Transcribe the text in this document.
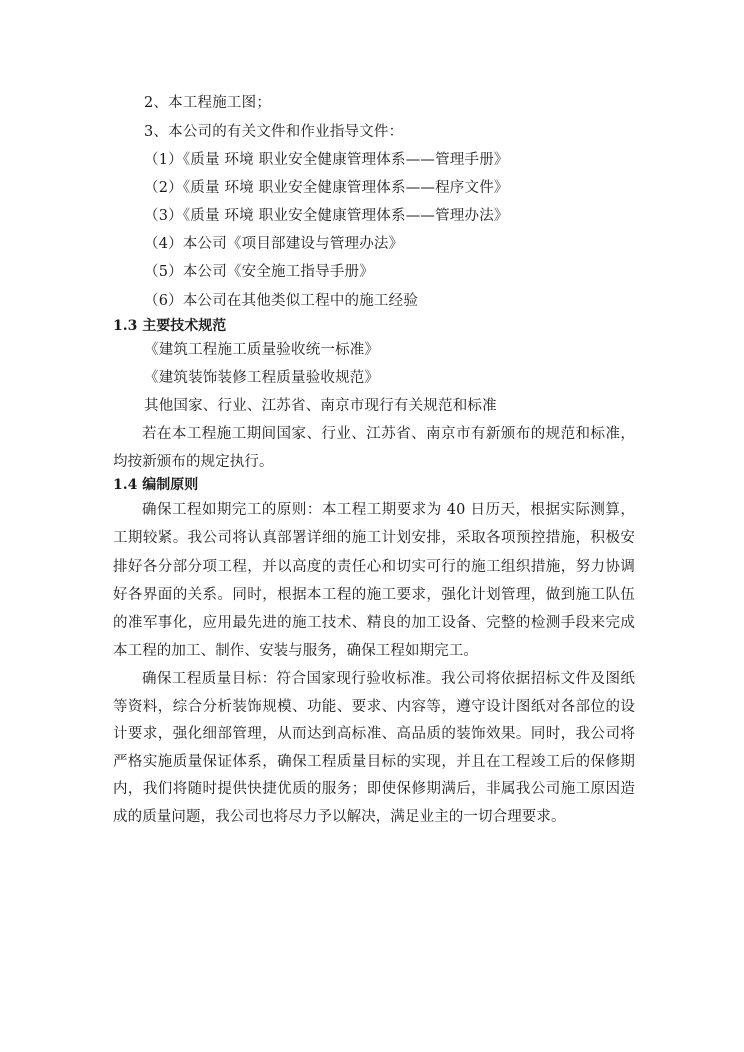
2、本工程施工图；
3、本公司的有关文件和作业指导文件：
（1）《质量 环境 职业安全健康管理体系——管理手册》
（2）《质量 环境 职业安全健康管理体系——程序文件》
（3）《质量 环境 职业安全健康管理体系——管理办法》
（4）本公司《项目部建设与管理办法》
（5）本公司《安全施工指导手册》
（6）本公司在其他类似工程中的施工经验
1.3 主要技术规范
《建筑工程施工质量验收统一标准》
《建筑装饰装修工程质量验收规范》
其他国家、行业、江苏省、南京市现行有关规范和标准
若在本工程施工期间国家、行业、江苏省、南京市有新颁布的规范和标准，均按新颁布的规定执行。
1.4 编制原则
确保工程如期完工的原则：本工程工期要求为 40 日历天，根据实际测算，工期较紧。我公司将认真部署详细的施工计划安排，采取各项预控措施，积极安排好各分部分项工程，并以高度的责任心和切实可行的施工组织措施，努力协调好各界面的关系。同时，根据本工程的施工要求，强化计划管理，做到施工队伍的准军事化，应用最先进的施工技术、精良的加工设备、完整的检测手段来完成本工程的加工、制作、安装与服务，确保工程如期完工。
确保工程质量目标：符合国家现行验收标准。我公司将依据招标文件及图纸等资料，综合分析装饰规模、功能、要求、内容等，遵守设计图纸对各部位的设计要求，强化细部管理，从而达到高标准、高品质的装饰效果。同时，我公司将严格实施质量保证体系，确保工程质量目标的实现，并且在工程竣工后的保修期内，我们将随时提供快捷优质的服务；即使保修期满后，非属我公司施工原因造成的质量问题，我公司也将尽力予以解决，满足业主的一切合理要求。
